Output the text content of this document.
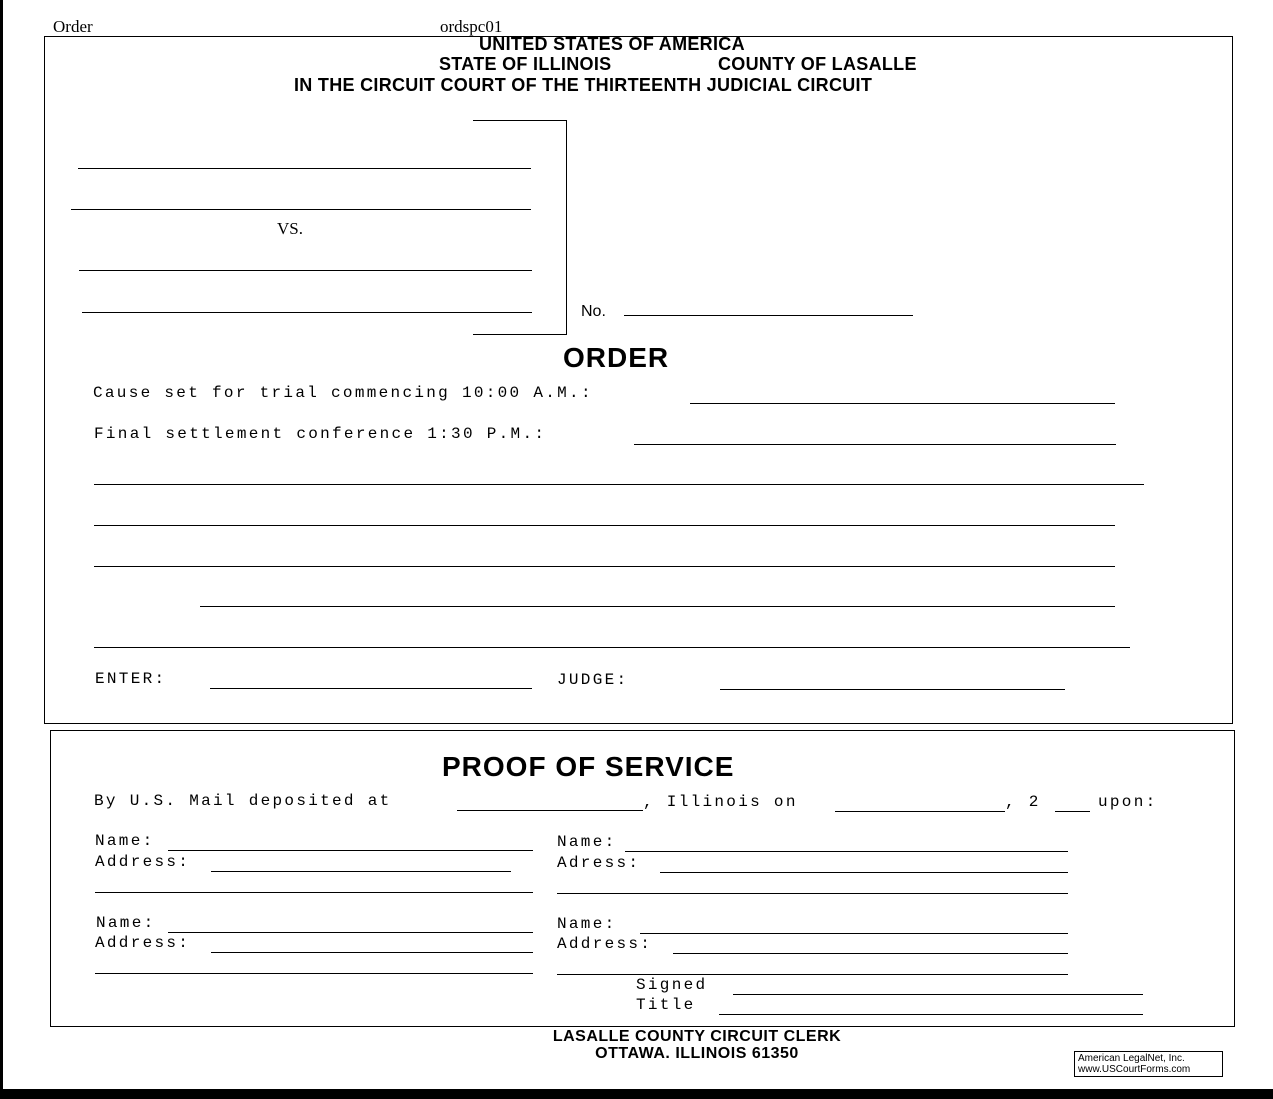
Order	ordspc01
UNITED STATES OF AMERICA
STATE OF ILLINOIS	COUNTY OF LASALLE
IN THE CIRCUIT COURT OF THE THIRTEENTH JUDICIAL CIRCUIT
VS.
No.
ORDER
Cause set for trial commencing 10:00 A.M.:
Final settlement conference 1:30 P.M.:
ENTER:	JUDGE:
PROOF OF SERVICE
By U.S. Mail deposited at	, Illinois on	, 2	upon:
Name:
Address:
Name:
Adress:
Name:
Address:
Name:
Address:
Signed
Title
LASALLE COUNTY CIRCUIT CLERK
OTTAWA. ILLINOIS 61350	American LegalNet, Inc.
www.USCourtForms.com
